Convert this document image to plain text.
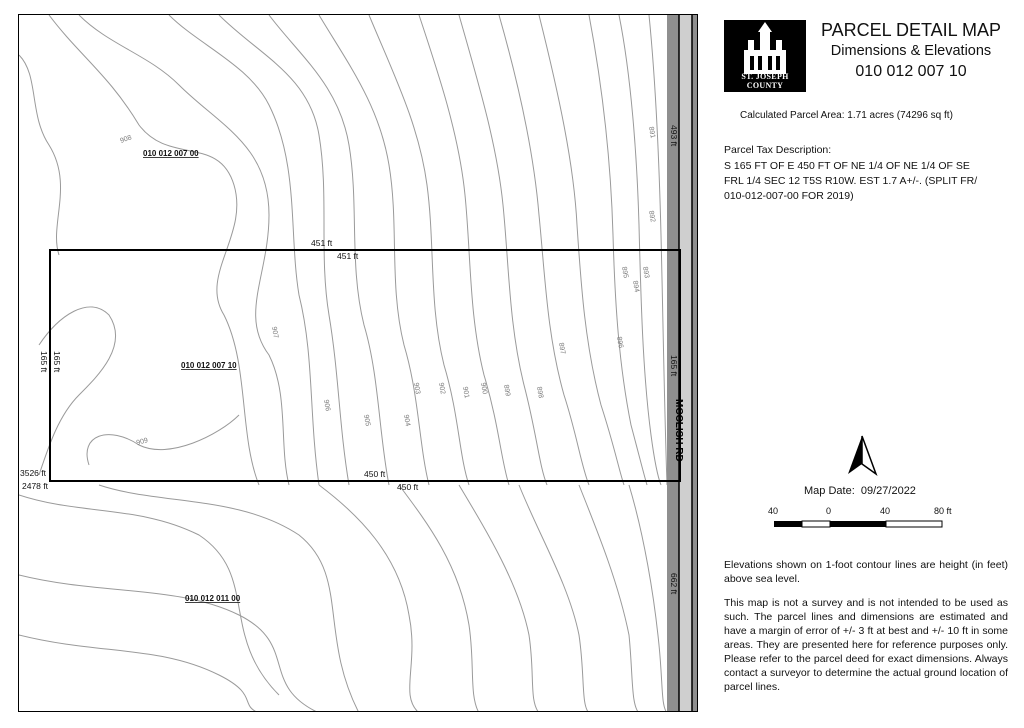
908
907
906
905	904
903 902 901 900 899	898
897	896
895
894
893
892
891
909	MCCLISH RD
493 ft
165 ft
662 ft
451 ft
451 ft
450 ft
450 ft
165 ft 165 ft
3526 ft
2478 ft
010 012 007 00
010 012 007 10
010 012 011 00
ST. JOSEPH COUNTY
PARCEL DETAIL MAP
Dimensions & Elevations
010 012 007 10
Calculated Parcel Area: 1.71 acres (74296 sq ft)
Parcel Tax Description:
S 165 FT OF E 450 FT OF NE 1/4 OF NE 1/4 OF SE FRL 1/4 SEC 12 T5S R10W. EST 1.7 A+/-. (SPLIT FR/ 010-012-007-00 FOR 2019)
Map Date: 09/27/2022
40	0	40	80 ft
Elevations shown on 1-foot contour lines are height (in feet) above sea level.
This map is not a survey and is not intended to be used as such. The parcel lines and dimensions are estimated and have a margin of error of +/- 3 ft at best and +/- 10 ft in some areas. They are presented here for reference purposes only. Please refer to the parcel deed for exact dimensions. Always contact a surveyor to determine the actual ground location of parcel lines.
